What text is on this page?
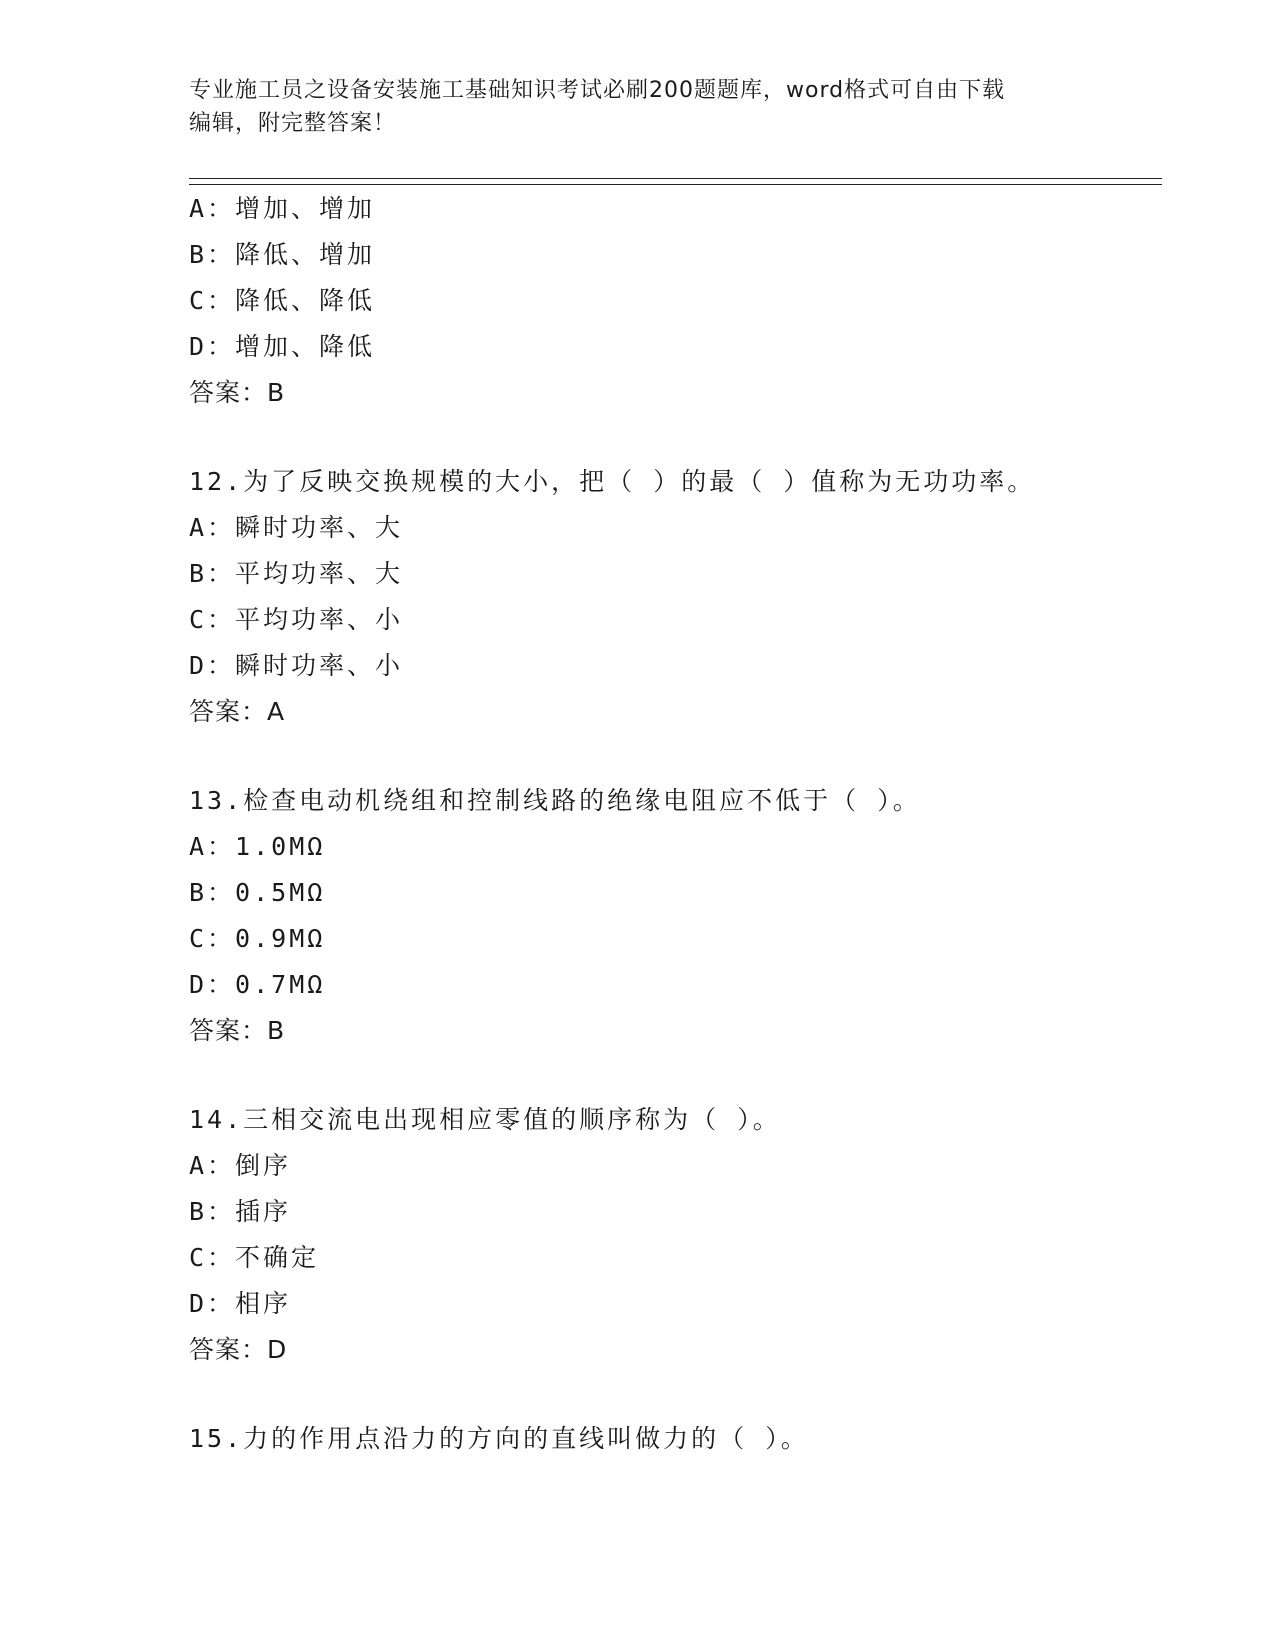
专业施工员之设备安装施工基础知识考试必刷200题题库，word格式可自由下载
编辑，附完整答案！
A：增加、增加
B：降低、增加
C：降低、降低
D：增加、降低
答案：B
12.为了反映交换规模的大小，把（ ）的最（ ）值称为无功功率。
A：瞬时功率、大
B：平均功率、大
C：平均功率、小
D：瞬时功率、小
答案：A
13.检查电动机绕组和控制线路的绝缘电阻应不低于（ ）。
A：1.0MΩ
B：0.5MΩ
C：0.9MΩ
D：0.7MΩ
答案：B
14.三相交流电出现相应零值的顺序称为（ ）。
A：倒序
B：插序
C：不确定
D：相序
答案：D
15.力的作用点沿力的方向的直线叫做力的（ ）。
